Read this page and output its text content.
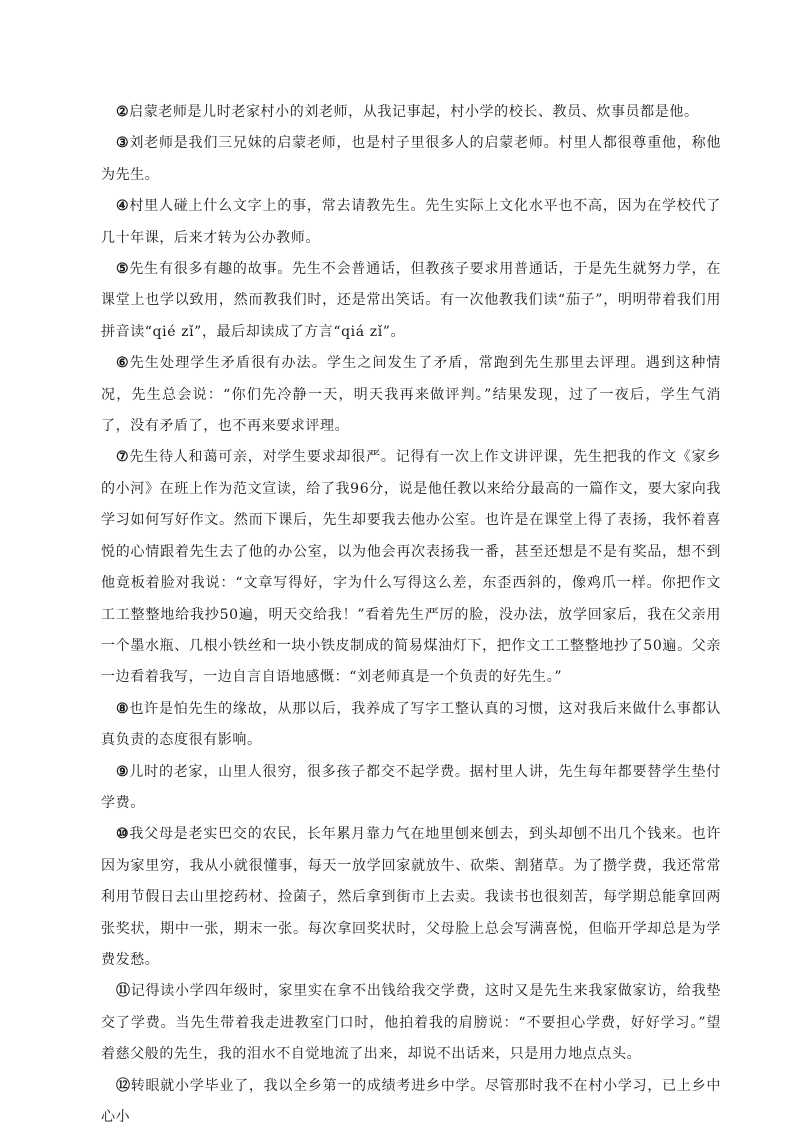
②启蒙老师是儿时老家村小的刘老师，从我记事起，村小学的校长、教员、炊事员都是他。

③刘老师是我们三兄妹的启蒙老师，也是村子里很多人的启蒙老师。村里人都很尊重他，称他为先生。

④村里人碰上什么文字上的事，常去请教先生。先生实际上文化水平也不高，因为在学校代了几十年课，后来才转为公办教师。

⑤先生有很多有趣的故事。先生不会普通话，但教孩子要求用普通话，于是先生就努力学，在课堂上也学以致用，然而教我们时，还是常出笑话。有一次他教我们读“茄子”，明明带着我们用拼音读“qié zǐ”，最后却读成了方言“qiá zǐ”。

⑥先生处理学生矛盾很有办法。学生之间发生了矛盾，常跑到先生那里去评理。遇到这种情况，先生总会说：“你们先冷静一天，明天我再来做评判。”结果发现，过了一夜后，学生气消了，没有矛盾了，也不再来要求评理。

⑦先生待人和蔼可亲，对学生要求却很严。记得有一次上作文讲评课，先生把我的作文《家乡的小河》在班上作为范文宣读，给了我96分，说是他任教以来给分最高的一篇作文，要大家向我学习如何写好作文。然而下课后，先生却要我去他办公室。也许是在课堂上得了表扬，我怀着喜悦的心情跟着先生去了他的办公室，以为他会再次表扬我一番，甚至还想是不是有奖品，想不到他竟板着脸对我说：“文章写得好，字为什么写得这么差，东歪西斜的，像鸡爪一样。你把作文工工整整地给我抄50遍，明天交给我！”看着先生严厉的脸，没办法，放学回家后，我在父亲用一个墨水瓶、几根小铁丝和一块小铁皮制成的简易煤油灯下，把作文工工整整地抄了50遍。父亲一边看着我写，一边自言自语地感慨：“刘老师真是一个负责的好先生。”

⑧也许是怕先生的缘故，从那以后，我养成了写字工整认真的习惯，这对我后来做什么事都认真负责的态度很有影响。

⑨儿时的老家，山里人很穷，很多孩子都交不起学费。据村里人讲，先生每年都要替学生垫付学费。

⑩我父母是老实巴交的农民，长年累月靠力气在地里刨来刨去，到头却刨不出几个钱来。也许因为家里穷，我从小就很懂事，每天一放学回家就放牛、砍柴、割猪草。为了攒学费，我还常常利用节假日去山里挖药材、捡菌子，然后拿到街市上去卖。我读书也很刻苦，每学期总能拿回两张奖状，期中一张，期末一张。每次拿回奖状时，父母脸上总会写满喜悦，但临开学却总是为学费发愁。

⑪记得读小学四年级时，家里实在拿不出钱给我交学费，这时又是先生来我家做家访，给我垫交了学费。当先生带着我走进教室门口时，他拍着我的肩膀说：“不要担心学费，好好学习。”望着慈父般的先生，我的泪水不自觉地流了出来，却说不出话来，只是用力地点点头。

⑫转眼就小学毕业了，我以全乡第一的成绩考进乡中学。尽管那时我不在村小学习，已上乡中心小
